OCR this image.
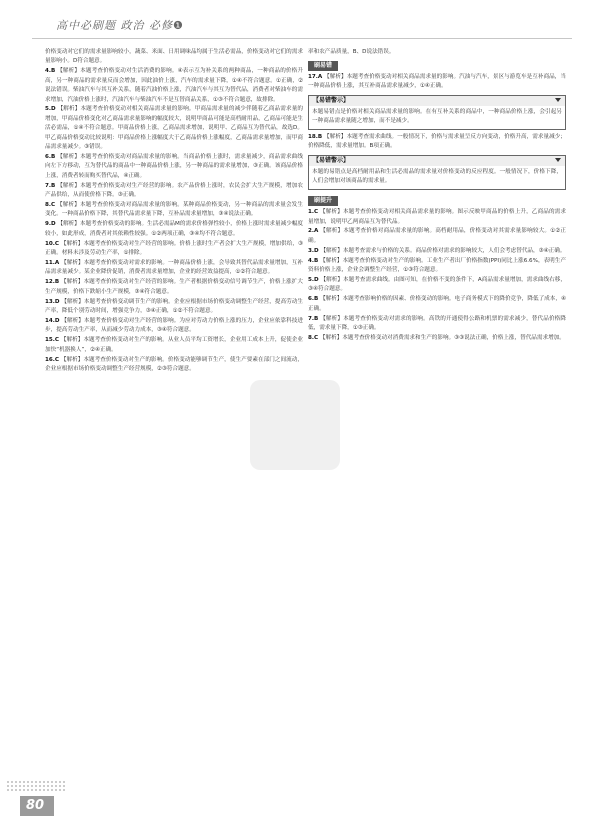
高中必刷题 政治 必修❶

价格变动对它们的需求量影响较小，蔬菜、米面、日用调味品均属于生活必需品，价格变动对它们的需求量影响小。D符合题意。

4.B 【解析】本题考查价格变动对生活消费的影响。④表示互为补关系的两种商品，一种商品的价格升高，另一种商品的需求量反而会增加，因此油价上涨，汽车的需求量下降，①④不符合题意。①正确，②说法错误。柴油汽车与其互补关系，随着汽油价格上涨，汽油汽车与其互为替代品，消费者对柴油车的需求增加，汽油价格上涨时，汽油汽车与柴油汽车不是互替商品关系，①③不符合题意，故排除。

5.D 【解析】本题考查价格变动对相关商品需求量的影响。甲商品需求量的减少伴随着乙商品需求量的增加，甲商品价格变化对乙商品需求量影响的幅度较大，说明甲商品可能是高档耐用品，乙商品可能是生活必需品，①④不符合题意。甲商品价格上涨，乙商品需求增加，说明甲、乙商品互为替代品，故选D。甲乙商品价格变动比较说明：甲商品价格上涨幅度大于乙商品价格上涨幅度，乙商品需求量增加，而甲商品需求量减少。③错误。

6.B 【解析】本题考查价格变动对商品需求量的影响。当商品价格上涨时，需求量减少，商品需求曲线向左下方移动，互为替代品的商品中一种商品价格上涨，另一种商品的需求量增加，③正确。该商品价格上涨，消费者转而购买替代品，④正确。

7.B 【解析】本题考查价格变动对生产经营的影响。农产品价格上涨时，农民会扩大生产规模，增加农产品供给，从而使价格下降。③正确。

8.C 【解析】本题考查价格变动对商品需求量的影响。某种商品价格变动，另一种商品的需求量会发生变化。一种商品价格下降，其替代品需求量下降，互补品需求量增加，③④说法正确。

9.D 【解析】本题考查价格变动的影响。生活必需品M的需求价格弹性较小，价格上涨时需求量减少幅度较小，如此形成，消费者对其依赖性较强。①②两项正确，③④均不符合题意。

10.C 【解析】本题考查价格变动对生产经营的影响。价格上涨时生产者会扩大生产规模，增加供给，③正确。材料未涉及劳动生产率，①排除。

11.A 【解析】本题考查价格变动对需求的影响。一种商品价格上涨，会导致其替代品需求量增加，互补品需求量减少。某企业降价促销，消费者需求量增加，企业的经营效益提高，①②符合题意。

12.B 【解析】本题考查价格变动对生产经营的影响。生产者根据价格变动信号调节生产，价格上涨扩大生产规模，价格下跌缩小生产规模，③④符合题意。

13.D 【解析】本题考查价格变动调节生产的影响。企业应根据市场价格变动调整生产经营，提高劳动生产率，降低个别劳动时间，增强竞争力，③④正确，①②不符合题意。

14.D 【解析】本题考查价格变动对生产经营的影响。为应对劳动力价格上涨的压力，企业应依靠科技进步，提高劳动生产率，从而减少劳动力成本，③④符合题意。

15.C 【解析】本题考查价格变动对生产的影响。从业人员平均工资增长，企业用工成本上升，促使企业加快“机器换人”，②④正确。

16.C 【解析】本题考查价格变动对生产的影响。价格变动能够调节生产，使生产要素在部门之间流动，企业应根据市场价格变动调整生产经营规模，②③符合题意。

率和农产品质量，B、D说法错误。

刷易错

17.A 【解析】本题考查价格变动对相关商品需求量的影响。汽油与汽车，景区与游览车是互补商品，当一种商品价格上涨，其互补商品需求量减少，①④正确。

【易错警示】
本题易错点是价格对相关商品需求量的影响。在有互补关系的商品中，一种商品价格上涨，会引起另一种商品需求量随之增加，而不是减少。

18.B 【解析】本题考查需求曲线。一般情况下，价格与需求量呈反方向变动，价格升高，需求量减少；价格降低，需求量增加。B项正确。

【易错警示】
本题的易错点是高档耐用品和生活必需品的需求量对价格变动的反应程度。一般情况下，价格下降，人们会增加对该商品的需求量。
刷提升

1.C 【解析】本题考查价格变动对相关商品需求量的影响。图示反映甲商品的价格上升，乙商品的需求量增加，说明甲乙两商品互为替代品。

2.A 【解析】本题考查价格对商品需求量的影响。高档耐用品，价格变动对其需求量影响较大。①②正确。

3.D 【解析】本题考查需求与价格的关系。商品价格对需求的影响较大，人们会考虑替代品，③④正确。

4.B 【解析】本题考查价格变动对生产的影响。工业生产者出厂价格指数(PPI)同比上涨6.6%，表明生产资料价格上涨，企业会调整生产经营，①③符合题意。

5.D 【解析】本题考查需求曲线。由图可知，在价格不变的条件下，A商品需求量增加，需求曲线右移，③④符合题意。

6.B 【解析】本题考查影响价格的因素、价格变动的影响。电子商务模式下的降价竞争，降低了成本，④正确。

7.B 【解析】本题考查价格变动对需求的影响。高铁的开通使得公路和机票的需求减少，替代品价格降低，需求量下降，①③正确。

8.C 【解析】本题考查价格变动对消费需求和生产的影响。③③说法正确，价格上涨，替代品需求增加。

80
